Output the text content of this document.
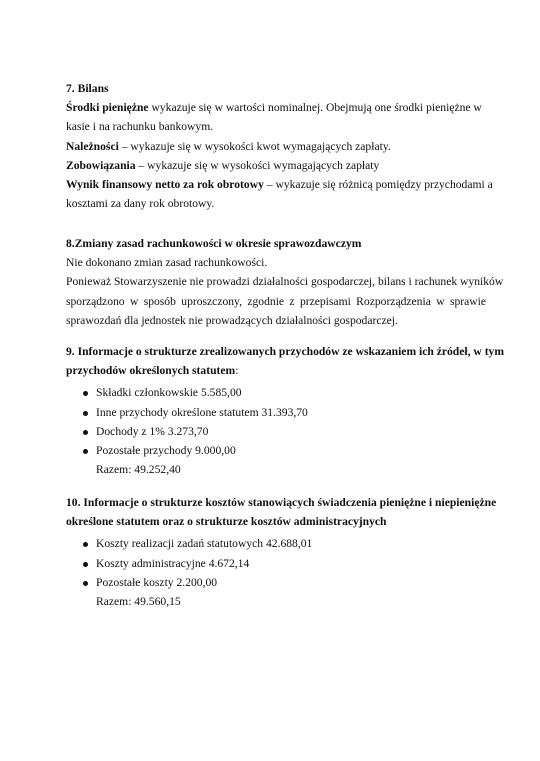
7. Bilans
Środki pieniężne wykazuje się w wartości nominalnej. Obejmują one środki pieniężne w
kasie i na rachunku bankowym.
Należności – wykazuje się w wysokości kwot wymagających zapłaty.
Zobowiązania – wykazuje się w wysokości wymagających zapłaty
Wynik finansowy netto za rok obrotowy – wykazuje się różnicą pomiędzy przychodami a
kosztami za dany rok obrotowy.
8.Zmiany zasad rachunkowości w okresie sprawozdawczym
Nie dokonano zmian zasad rachunkowości.
Ponieważ Stowarzyszenie nie prowadzi działalności gospodarczej, bilans i rachunek wyników
sporządzono w sposób uproszczony, zgodnie z przepisami Rozporządzenia w sprawie
sprawozdań dla jednostek nie prowadzących działalności gospodarczej.
9. Informacje o strukturze zrealizowanych przychodów ze wskazaniem ich źródeł, w tym
przychodów określonych statutem:
Składki członkowskie 5.585,00
Inne przychody określone statutem 31.393,70
Dochody z 1% 3.273,70
Pozostałe przychody 9.000,00
Razem: 49.252,40
10. Informacje o strukturze kosztów stanowiących świadczenia pieniężne i niepieniężne
określone statutem oraz o strukturze kosztów administracyjnych
Koszty realizacji zadań statutowych 42.688,01
Koszty administracyjne 4.672,14
Pozostałe koszty 2.200,00
Razem: 49.560,15
